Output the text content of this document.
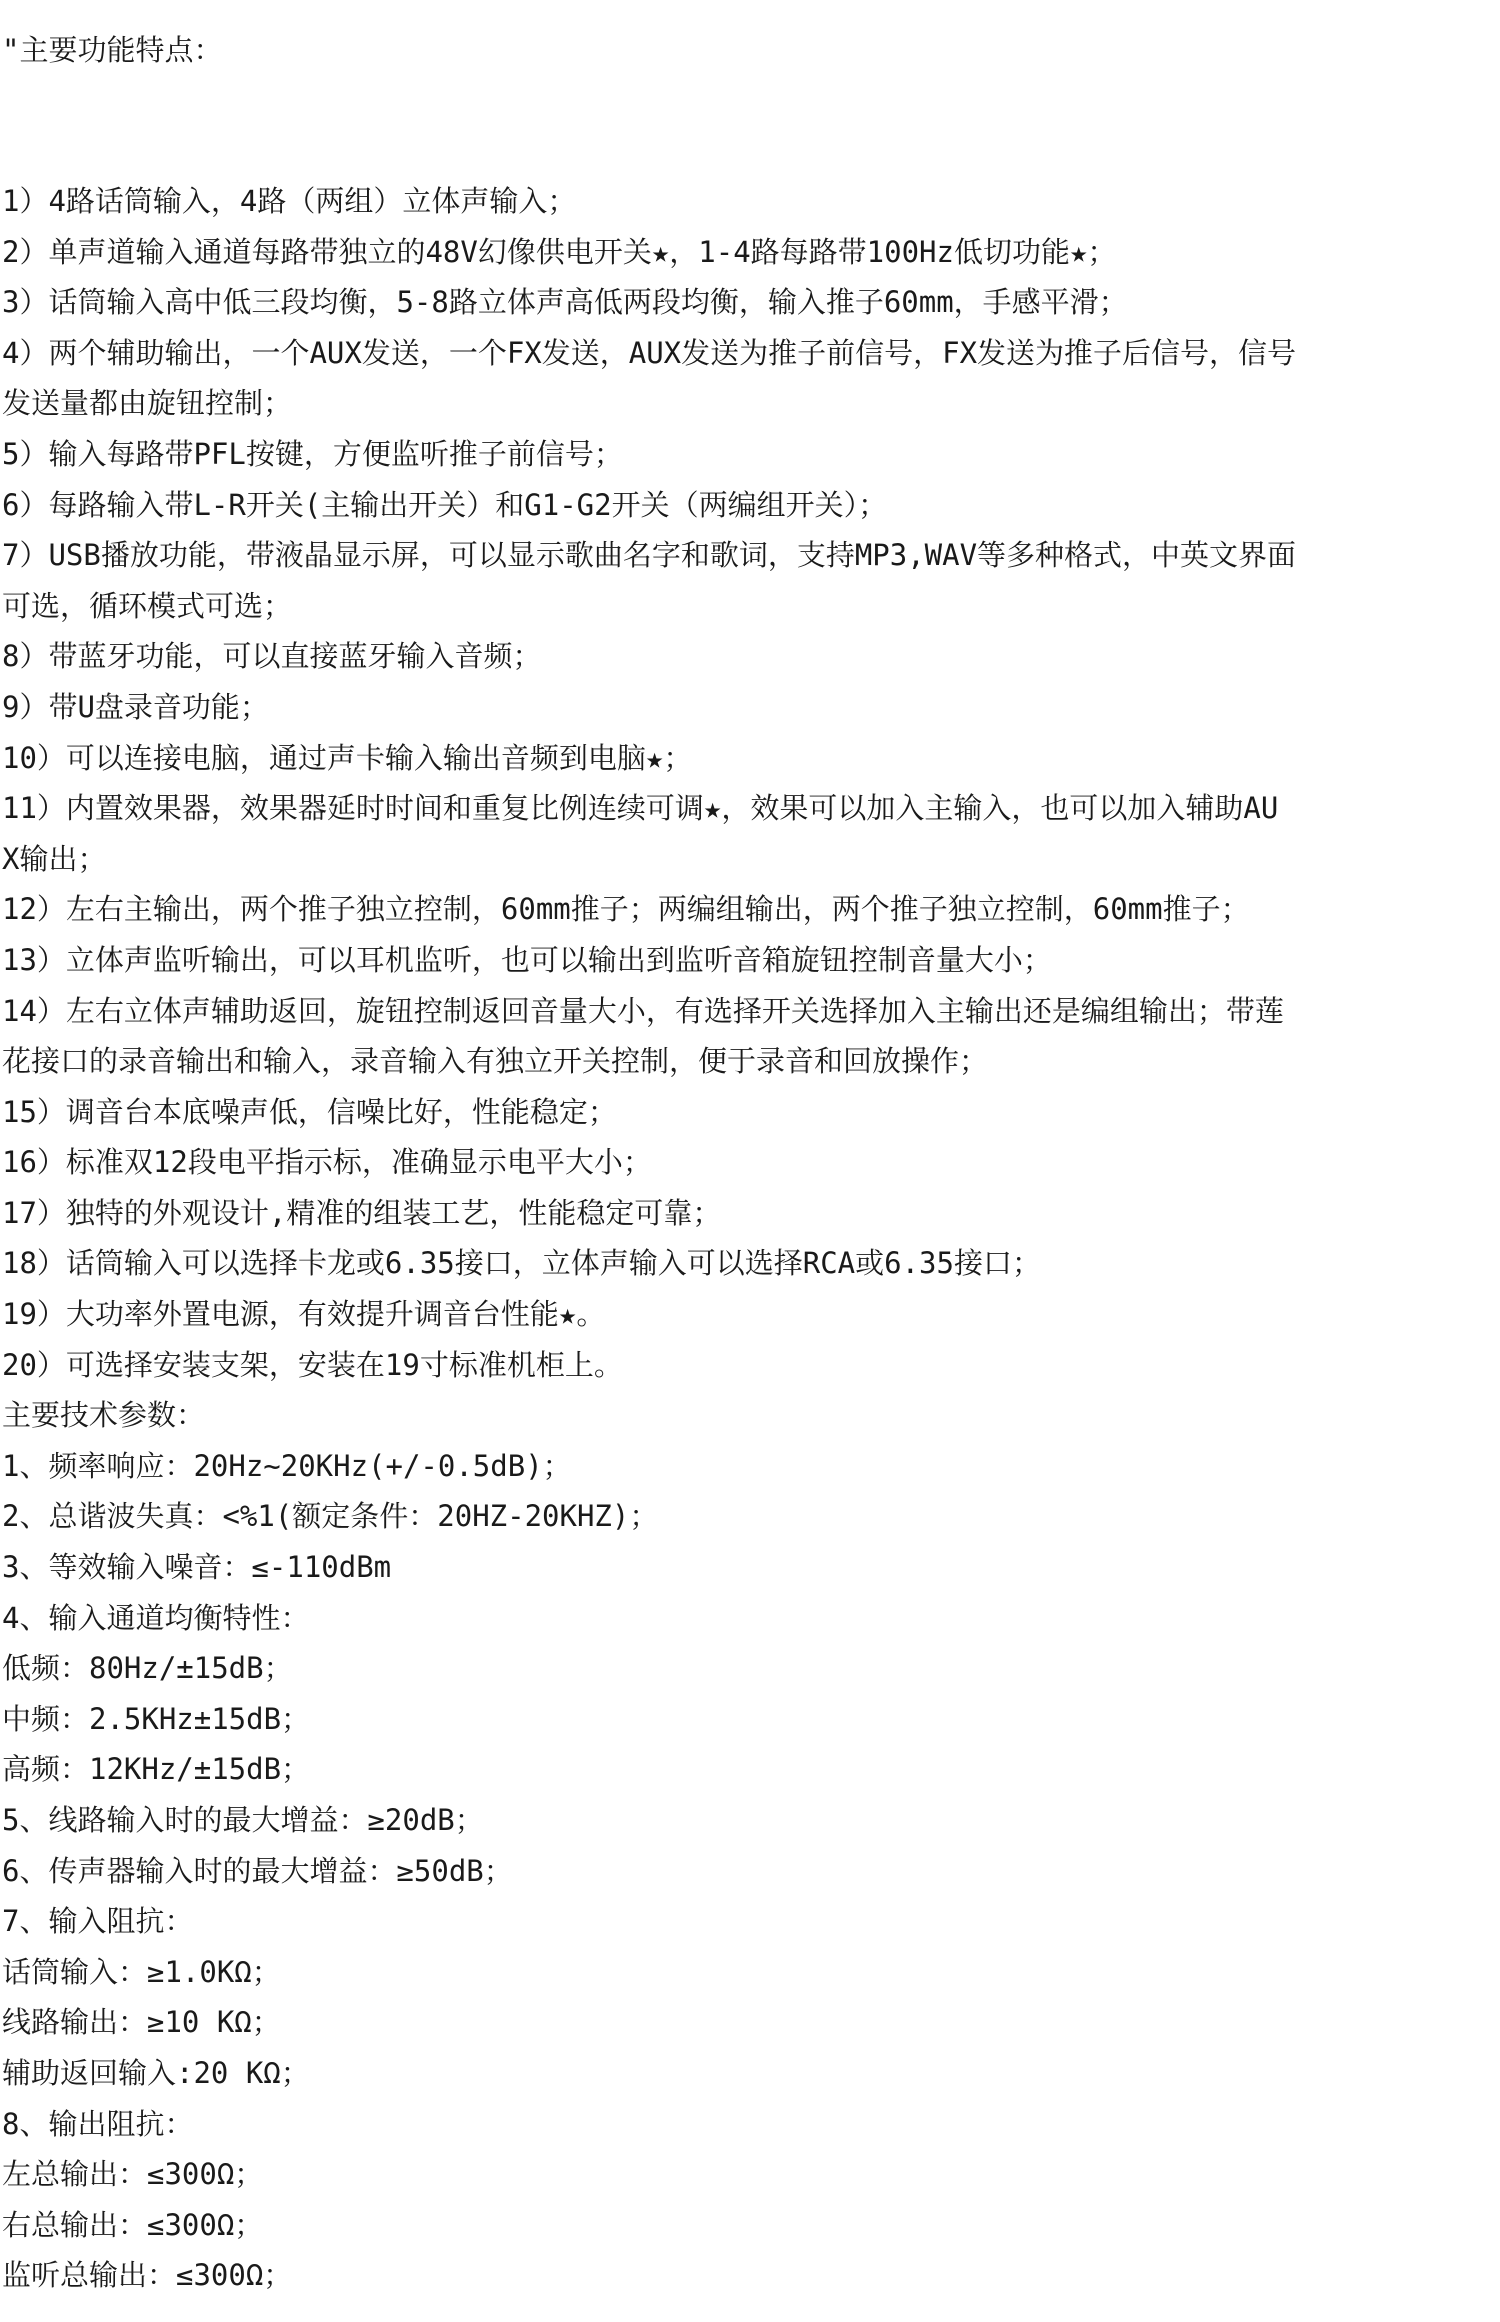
"主要功能特点：
1）4路话筒输入，4路（两组）立体声输入；
2）单声道输入通道每路带独立的48V幻像供电开关★，1-4路每路带100Hz低切功能★；
3）话筒输入高中低三段均衡，5-8路立体声高低两段均衡，输入推子60mm，手感平滑；
4）两个辅助输出，一个AUX发送，一个FX发送，AUX发送为推子前信号，FX发送为推子后信号，信号
发送量都由旋钮控制；
5）输入每路带PFL按键，方便监听推子前信号；
6）每路输入带L-R开关(主输出开关）和G1-G2开关（两编组开关）；
7）USB播放功能，带液晶显示屏，可以显示歌曲名字和歌词，支持MP3,WAV等多种格式，中英文界面
可选，循环模式可选；
8）带蓝牙功能，可以直接蓝牙输入音频；
9）带U盘录音功能；
10）可以连接电脑，通过声卡输入输出音频到电脑★；
11）内置效果器，效果器延时时间和重复比例连续可调★，效果可以加入主输入，也可以加入辅助AU
X输出；
12）左右主输出，两个推子独立控制，60mm推子；两编组输出，两个推子独立控制，60mm推子；
13）立体声监听输出，可以耳机监听，也可以输出到监听音箱旋钮控制音量大小；
14）左右立体声辅助返回，旋钮控制返回音量大小，有选择开关选择加入主输出还是编组输出；带莲
花接口的录音输出和输入，录音输入有独立开关控制，便于录音和回放操作；
15）调音台本底噪声低，信噪比好，性能稳定；
16）标准双12段电平指示标，准确显示电平大小；
17）独特的外观设计,精准的组装工艺，性能稳定可靠；
18）话筒输入可以选择卡龙或6.35接口，立体声输入可以选择RCA或6.35接口；
19）大功率外置电源，有效提升调音台性能★。
20）可选择安装支架，安装在19寸标准机柜上。
主要技术参数：
1、频率响应：20Hz~20KHz(+/-0.5dB)；
2、总谐波失真：<%1(额定条件：20HZ-20KHZ)；
3、等效输入噪音：≤-110dBm
4、输入通道均衡特性：
低频：80Hz/±15dB；
中频：2.5KHz±15dB；
高频：12KHz/±15dB；
5、线路输入时的最大增益：≥20dB；
6、传声器输入时的最大增益：≥50dB；
7、输入阻抗：
话筒输入：≥1.0KΩ；
线路输出：≥10 KΩ；
辅助返回输入:20 KΩ；
8、输出阻抗：
左总输出：≤300Ω；
右总输出：≤300Ω；
监听总输出：≤300Ω；
